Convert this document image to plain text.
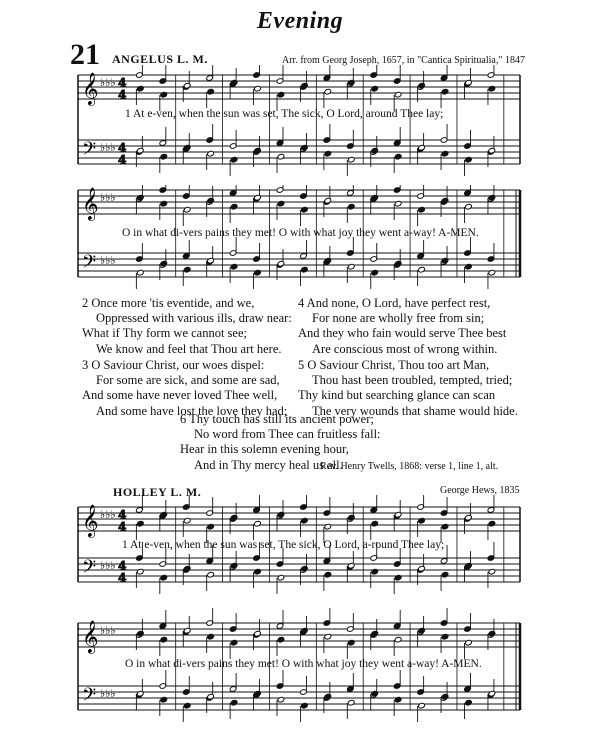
Evening
21 ANGELUS L. M.	Arr. from Georg Joseph, 1657, in "Cantica Spiritualia," 1847
𝄞
𝄢
♭♭♭
♭♭♭
4
4
4
4
1 At e-ven, when the sun was set, The sick, O Lord, around Thee lay;
𝄞
𝄢
♭♭♭
♭♭♭
O in what di-vers pains they met! O with what joy they went a-way! A-MEN.
2 Once more 'tis eventide, and we,
Oppressed with various ills, draw near:
What if Thy form we cannot see;
We know and feel that Thou art here.
4 And none, O Lord, have perfect rest,
For none are wholly free from sin;
And they who fain would serve Thee best
Are conscious most of wrong within.
3 O Saviour Christ, our woes dispel:
For some are sick, and some are sad,
And some have never loved Thee well,
And some have lost the love they had;
5 O Saviour Christ, Thou too art Man,
Thou hast been troubled, tempted, tried;
Thy kind but searching glance can scan
The very wounds that shame would hide.
6 Thy touch has still its ancient power;
No word from Thee can fruitless fall:
Hear in this solemn evening hour,
And in Thy mercy heal us all.
Rev. Henry Twells, 1868: verse 1, line 1, alt.
HOLLEY L. M.	George Hews, 1835
𝄞
𝄢
♭♭♭
♭♭♭
4
4
4
4
1 At e-ven, when the sun was set, The sick, O Lord, a-round Thee lay;
𝄞
𝄢
♭♭♭
♭♭♭
O in what di-vers pains they met! O with what joy they went a-way! A-MEN.
